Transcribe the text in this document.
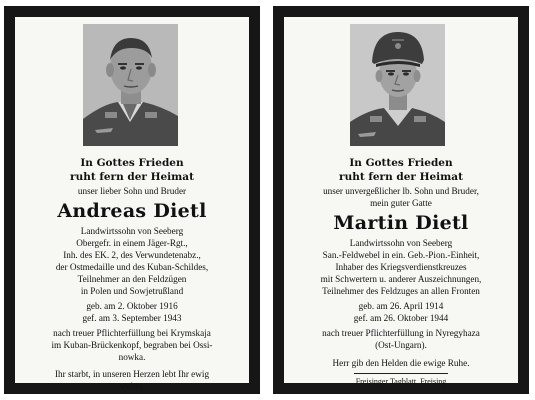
In Gottes Frieden
ruht fern der Heimat
unser lieber Sohn und Bruder
Andreas Dietl
Landwirtssohn von Seeberg
Obergefr. in einem Jäger-Rgt.,
Inh. des EK. 2, des Verwundetenabz.,
der Ostmedaille und des Kuban-Schildes,
Teilnehmer an den Feldzügen
in Polen und Sowjetrußland
geb. am 2. Oktober 1916
gef. am 3. September 1943
nach treuer Pflichterfüllung bei Krymskaja
im Kuban-Brückenkopf, begraben bei Ossi-
nowka.
Ihr starbt, in unseren Herzen lebt Ihr ewig
weiter.
In Gottes Frieden
ruht fern der Heimat
unser unvergeßlicher lb. Sohn und Bruder,
mein guter Gatte
Martin Dietl
Landwirtssohn von Seeberg
San.-Feldwebel in ein. Geb.-Pion.-Einheit,
Inhaber des Kriegsverdienstkreuzes
mit Schwertern u. anderer Auszeichnungen,
Teilnehmer des Feldzuges an allen Fronten
geb. am 26. April 1914
gef. am 26. Oktober 1944
nach treuer Pflichterfüllung in Nyregyhaza
(Ost-Ungarn).
Herr gib den Helden die ewige Ruhe.
Freisinger Tagblatt, Freising
